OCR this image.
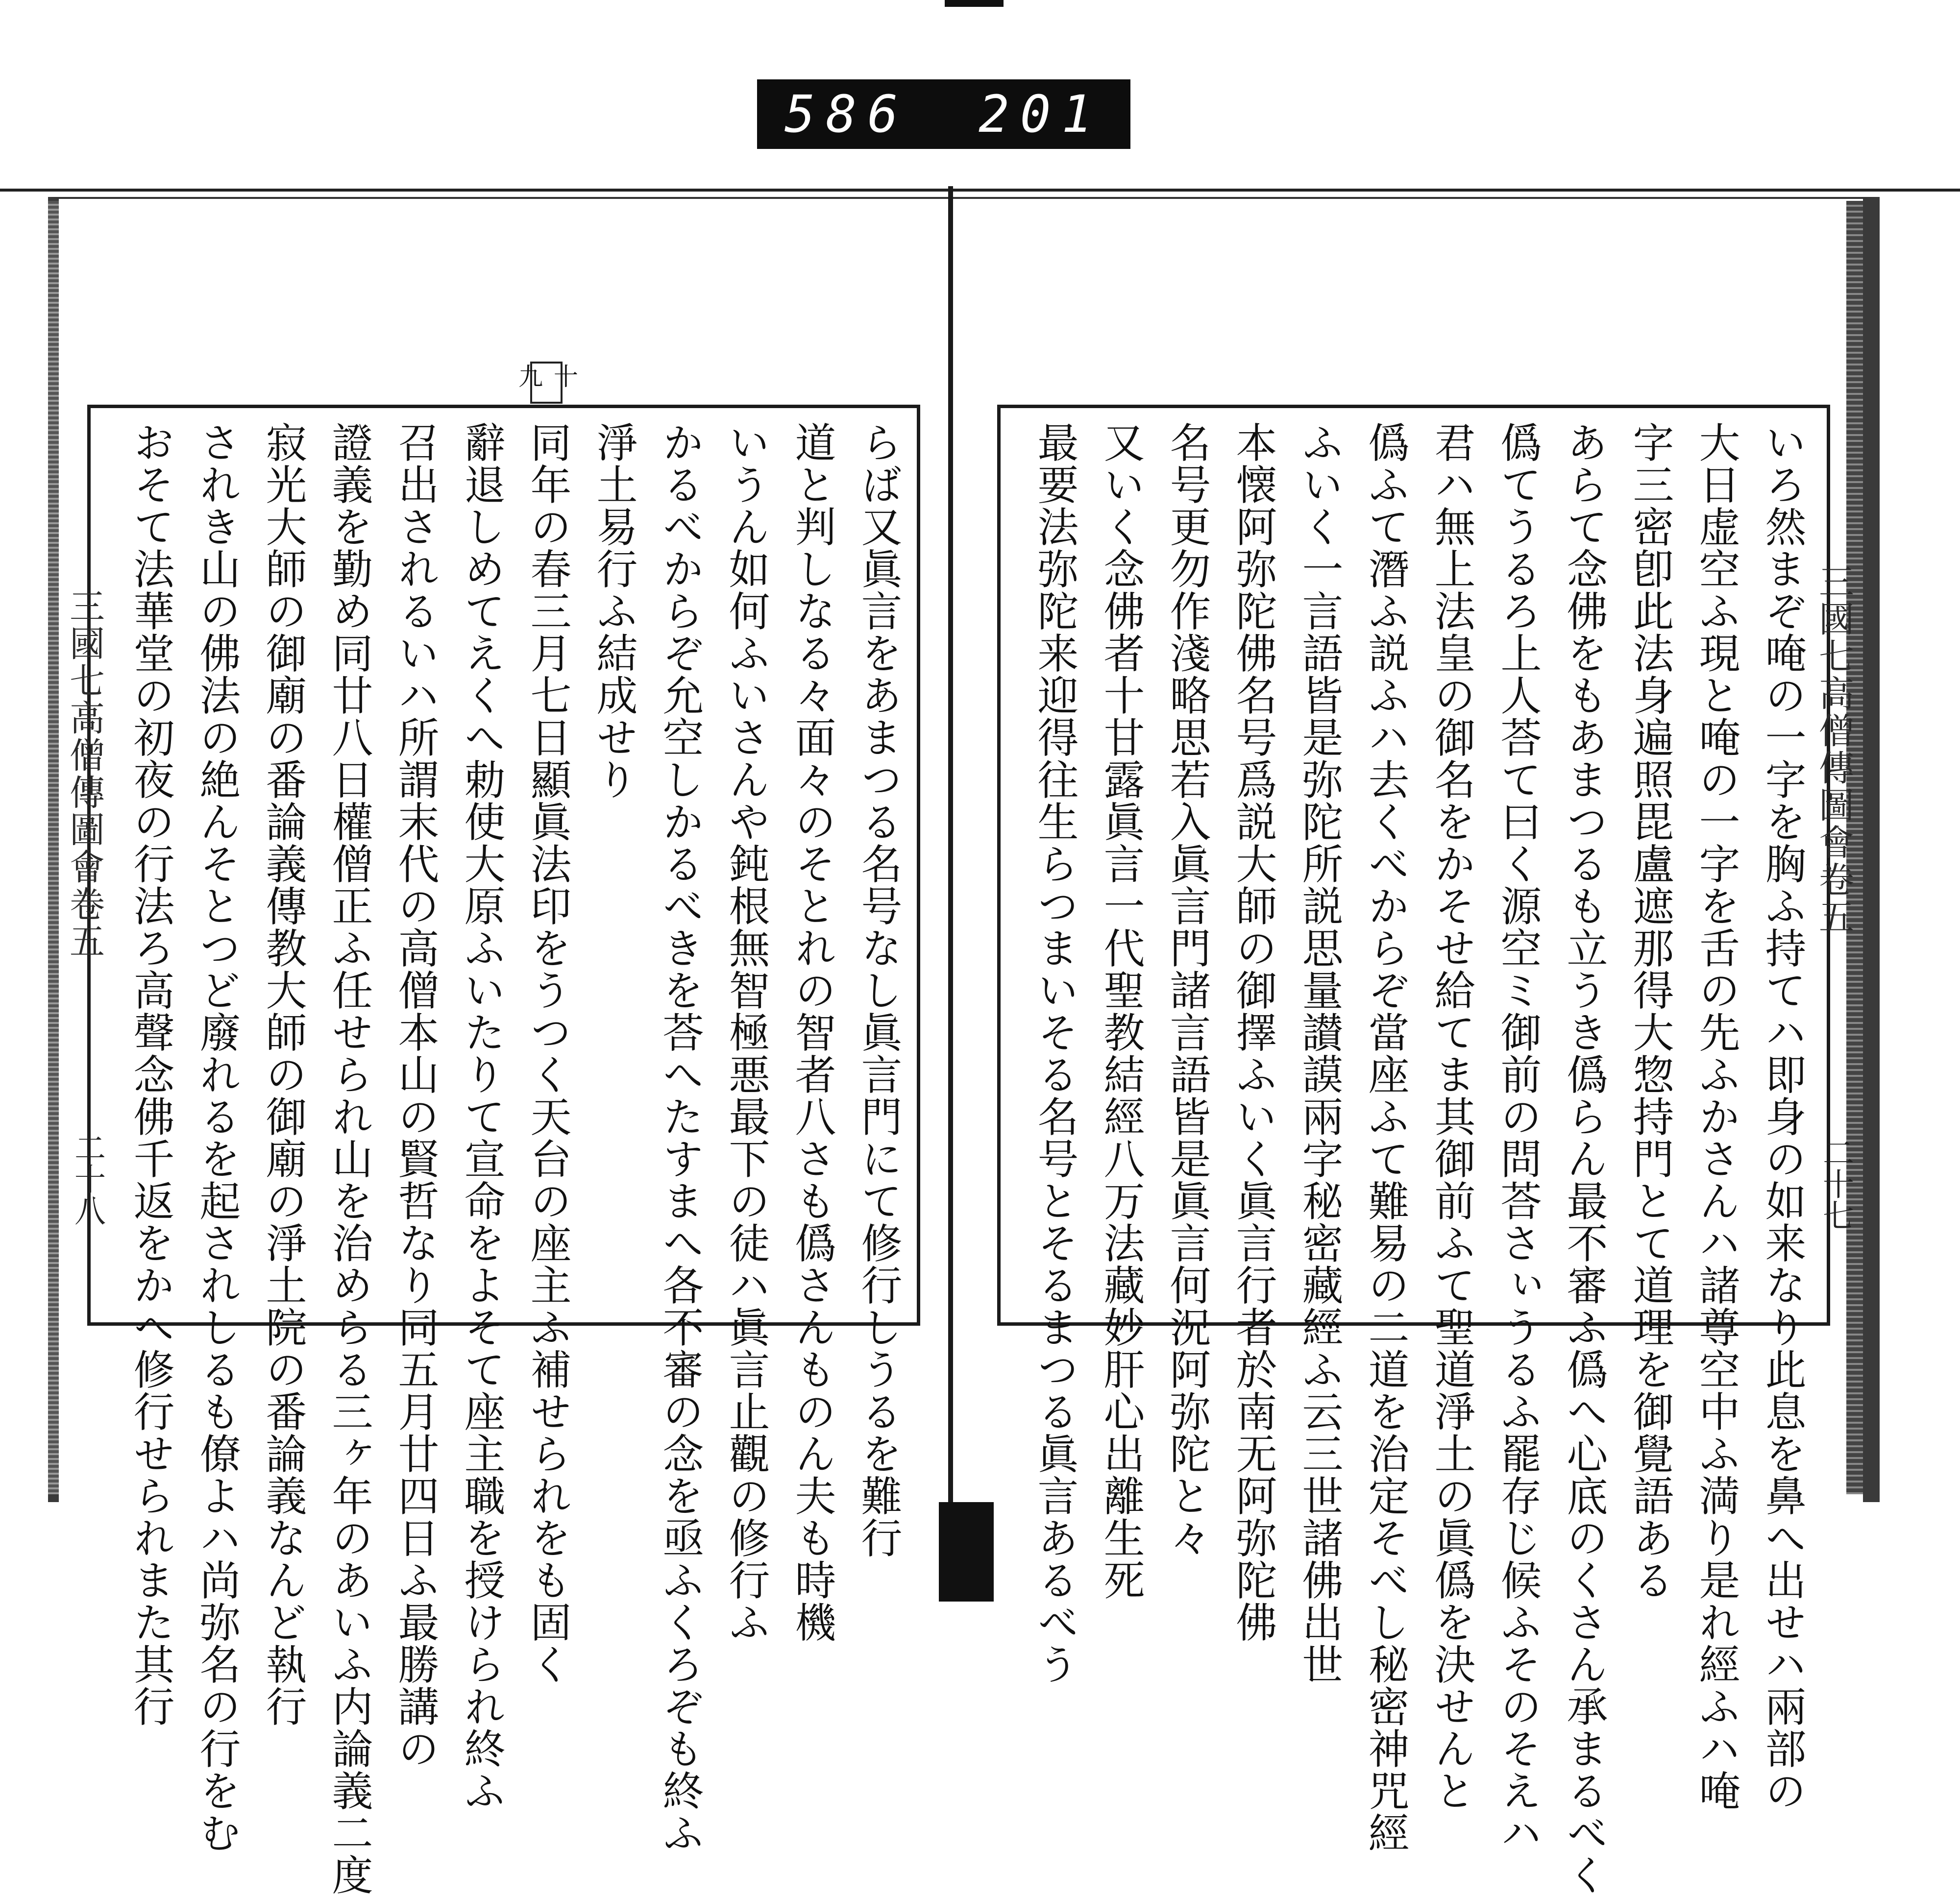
586 201
三國七高僧傳圖會卷五	三國七高僧傳圖會卷五
二十八	二十七
らば又眞言をあまつる名号なし眞言門にて修行しうるを難行
道と判しなる々面々のそとれの智者八さも僞さんものん夫も時機
いうん如何ふいさんや鈍根無智極悪最下の徒ハ眞言止觀の修行ふ
かるべからぞ允空しかるべきを荅へたすまへ各不審の念を亟ふくろぞも終ふ
淨土易行ふ結成せり
同年の春三月七日顯眞法印をうつく天台の座主ふ補せられをも固く
辭退しめてえくへ勅使大原ふいたりて宣命をよそて座主職を授けられ終ふ
召出されるいハ所謂末代の高僧本山の賢哲なり同五月廿四日ふ最勝講の
證義を勤め同廿八日權僧正ふ任せられ山を治めらる三ヶ年のあいふ内論義二度
寂光大師の御廟の番論義傳教大師の御廟の淨土院の番論義なんど執行
されき山の佛法の絶んそとつど廢れるを起されしるも僚よハ尚弥名の行をむ
おそて法華堂の初夜の行法ろ高聲念佛千返をかへ修行せられまた其行	いろ然まぞ唵の一字を胸ふ持てハ即身の如来なり此息を鼻へ出せハ兩部の
大日虚空ふ現と唵の一字を舌の先ふかさんハ諸尊空中ふ満り是れ經ふハ唵
字三密卽此法身遍照毘盧遮那得大惣持門とて道理を御覺語ある
あらて念佛をもあまつるも立うき僞らん最不審ふ僞へ心底のくさん承まるべく
僞てうるろ上人荅て曰く源空ミ御前の問荅さぃうるふ罷存じ候ふそのそえハ
君ハ無上法皇の御名をかそせ給てま其御前ふて聖道淨土の眞僞を決せんと
僞ふて潛ふ説ふハ去くべからぞ當座ふて難易の二道を治定そべし秘密神咒經
ふいく一言語皆是弥陀所説思量讃謨兩字秘密藏經ふ云三世諸佛出世
本懐阿弥陀佛名号爲説大師の御擇ふいく眞言行者於南无阿弥陀佛
名号更勿作淺略思若入眞言門諸言語皆是眞言何況阿弥陀と々
又いく念佛者十甘露眞言一代聖教結經八万法藏妙肝心出離生死
最要法弥陀来迎得往生らつまいそる名号とそるまつる眞言あるべう
